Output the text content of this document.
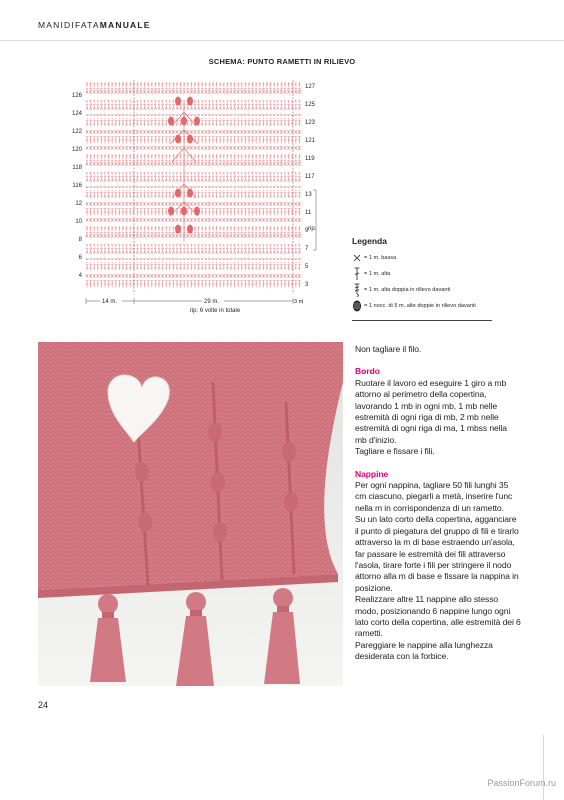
MANIDIFATAMANUALE
SCHEMA: PUNTO RAMETTI IN RILIEVO
126
124
122
120
118
116
12
10
8
6
4
127
125
123
121
119
117
13
11
9
7
5
3
rip.
14 m.	29 m.	3 m
rip. 6 volte in totale
Legenda
= 1 m. bassa
= 1 m. alta
= 1 m. alta doppia in rilievo davanti
= 1 nocc. di 5 m. alte doppie in rilievo davanti

Non tagliare il filo.

Bordo

Ruotare il lavoro ed eseguire 1 giro a mb attorno al perimetro della copertina, lavorando 1 mb in ogni mb, 1 mb nelle estremità di ogni riga di mb, 2 mb nelle estremità di ogni riga di ma, 1 mbss nella mb d'inizio.

Tagliare e fissare i fili.

Nappine

Per ogni nappina, tagliare 50 fili lunghi 35 cm ciascuno, piegarli a metà, inserire l'unc nella m in corrispondenza di un rametto.

Su un lato corto della copertina, agganciare il punto di piegatura del gruppo di fili e tirarlo attraverso la m di base estraendo un'asola, far passare le estremità dei fili attraverso l'asola, tirare forte i fili per stringere il nodo attorno alla m di base e fissare la nappina in posizione.

Realizzare altre 11 nappine allo stesso modo, posizionando 6 nappine lungo ogni lato corto della copertina, alle estremità dei 6 rametti.

Pareggiare le nappine alla lunghezza desiderata con la forbice.

24
PassionForum.ru
